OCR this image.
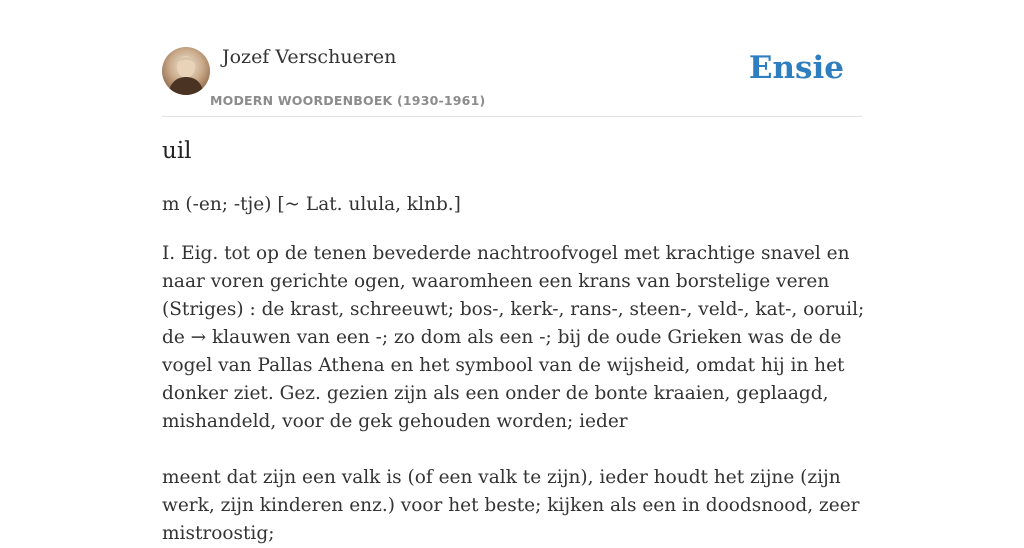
Jozef Verschueren
MODERN WOORDENBOEK (1930-1961)
Ensie
uil
m (-en; -tje) [~ Lat. ulula, klnb.]

I. Eig. tot op de tenen bevederde nachtroofvogel met krachtige snavel en naar voren gerichte ogen, waaromheen een krans van borstelige veren (Striges) : de krast, schreeuwt; bos-, kerk-, rans-, steen-, veld-, kat-, ooruil; de → klauwen van een -; zo dom als een -; bij de oude Grieken was de de vogel van Pallas Athena en het symbool van de wijsheid, omdat hij in het donker ziet. Gez. gezien zijn als een onder de bonte kraaien, geplaagd, mishandeld, voor de gek gehouden worden; ieder

meent dat zijn een valk is (of een valk te zijn), ieder houdt het zijne (zijn werk, zijn kinderen enz.) voor het beste; kijken als een in doodsnood, zeer mistroostig;
